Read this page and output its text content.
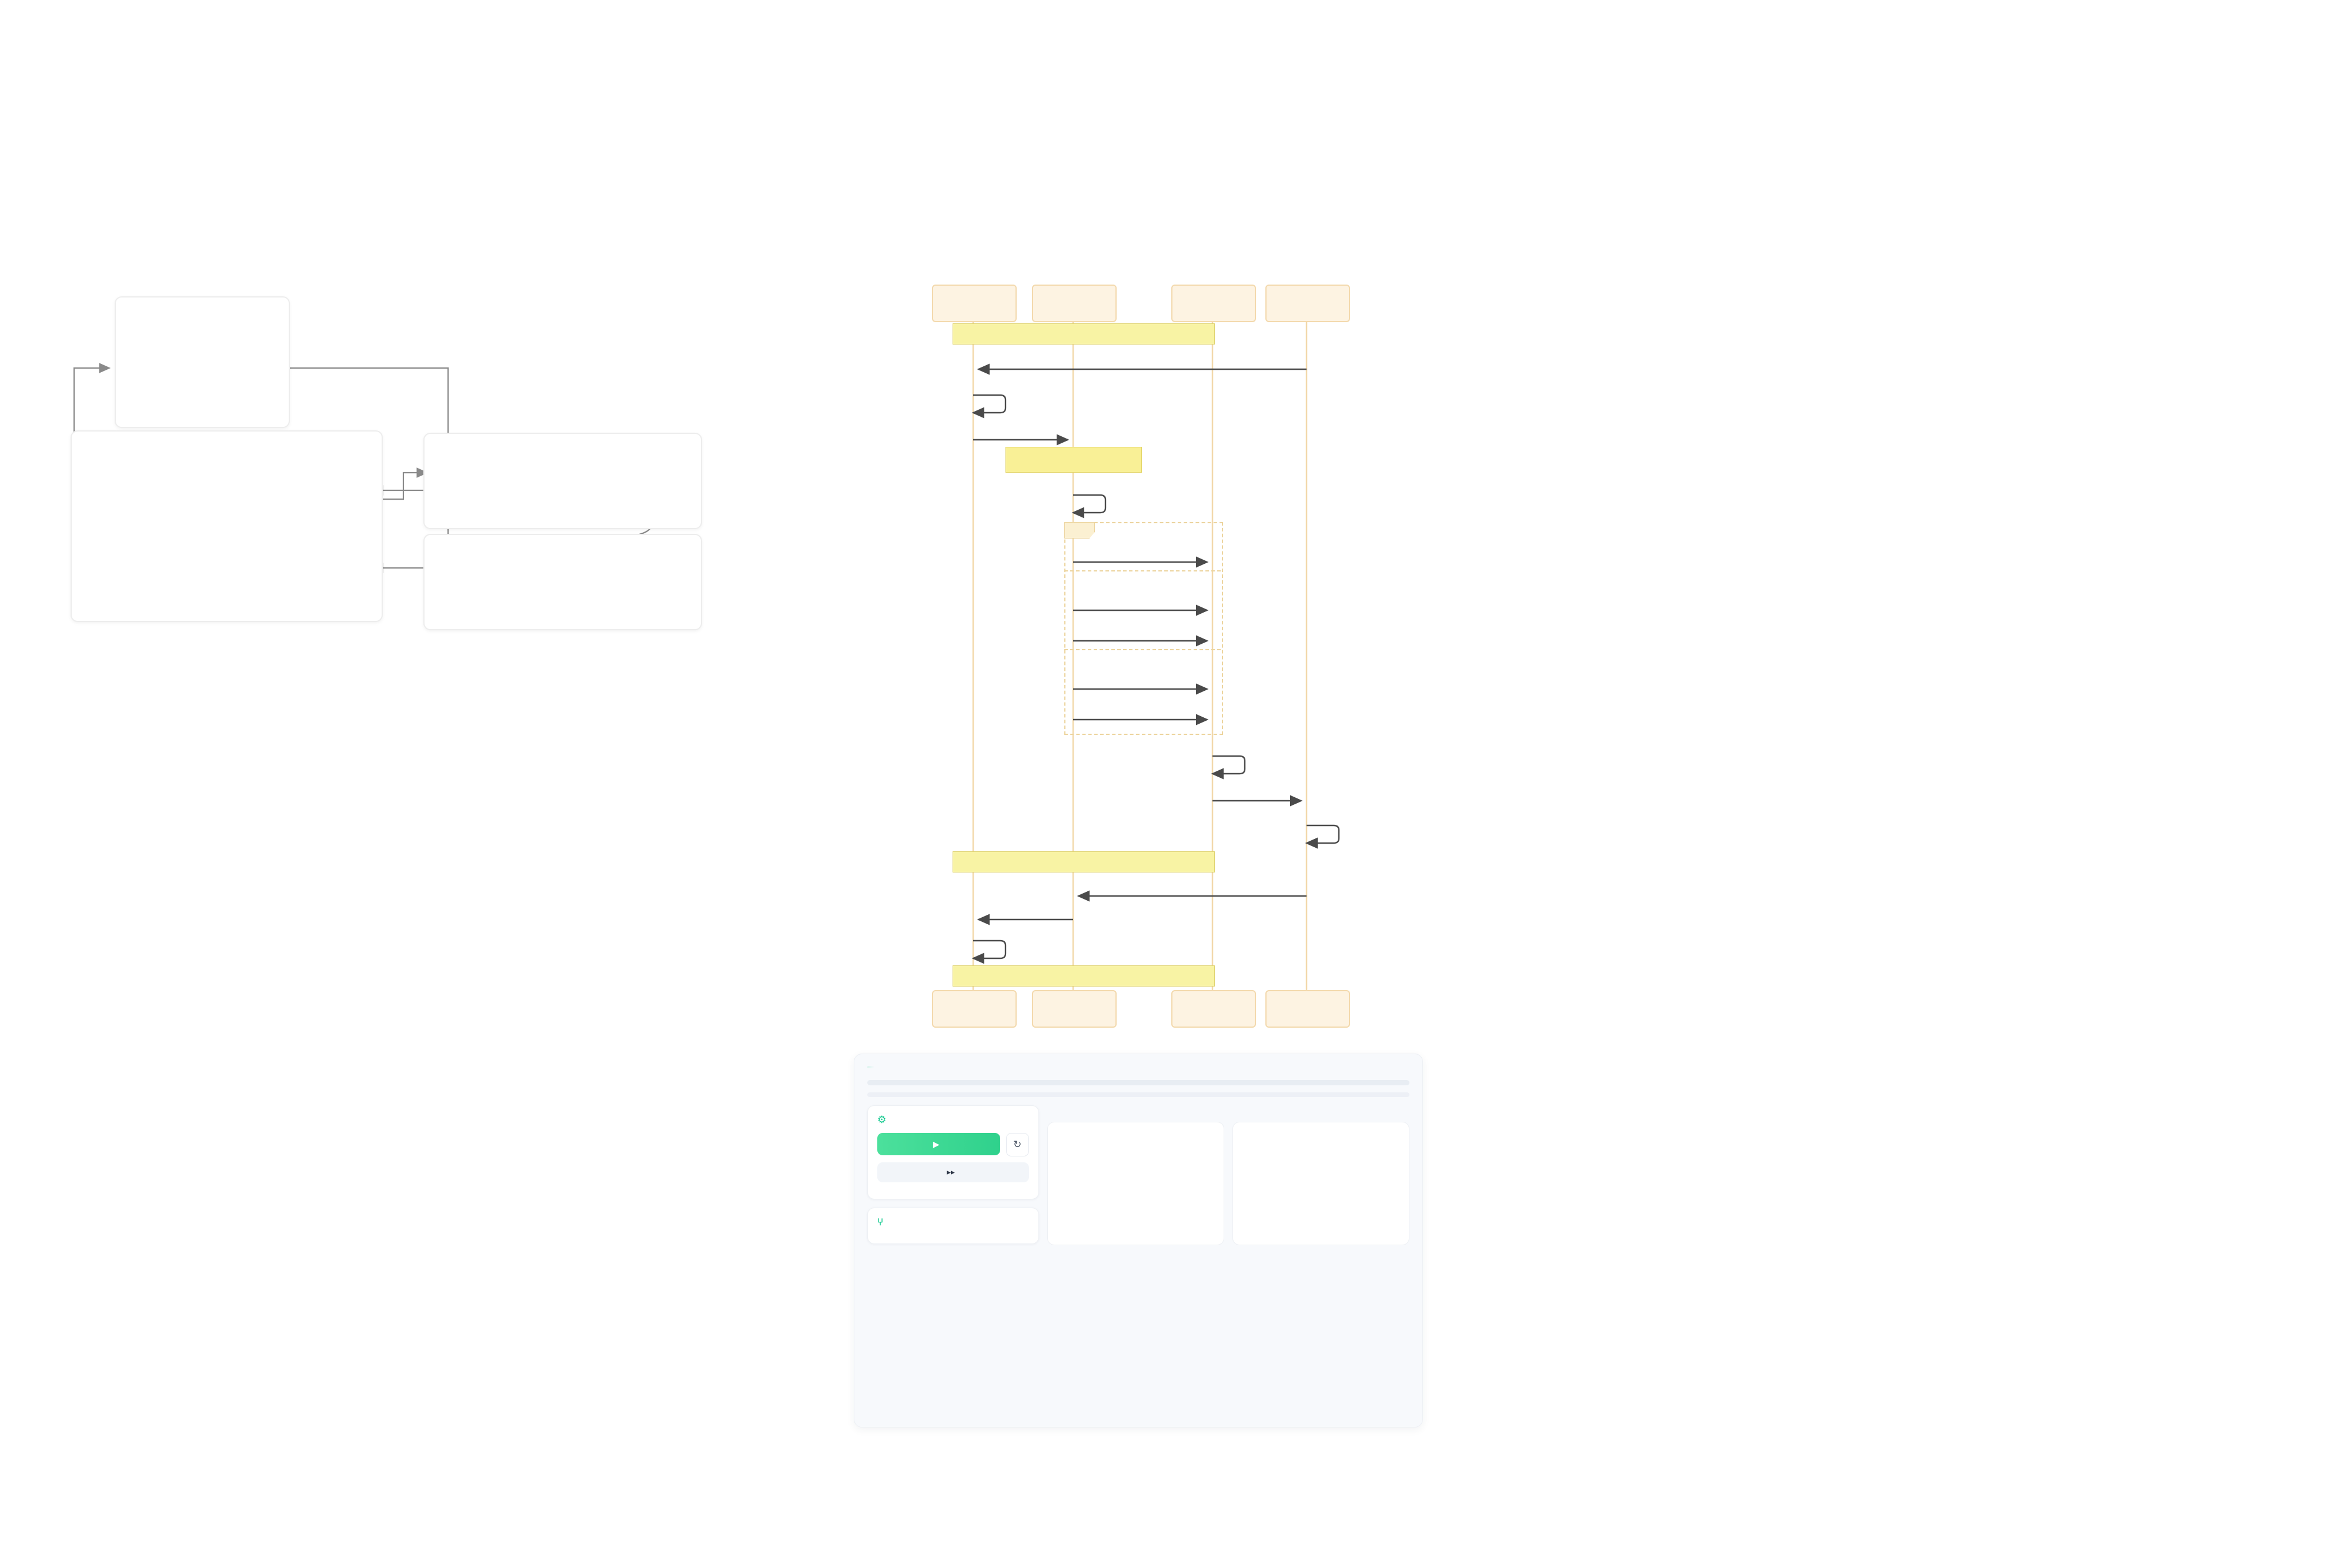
⚙
▶	↻
▸▸
⑂
